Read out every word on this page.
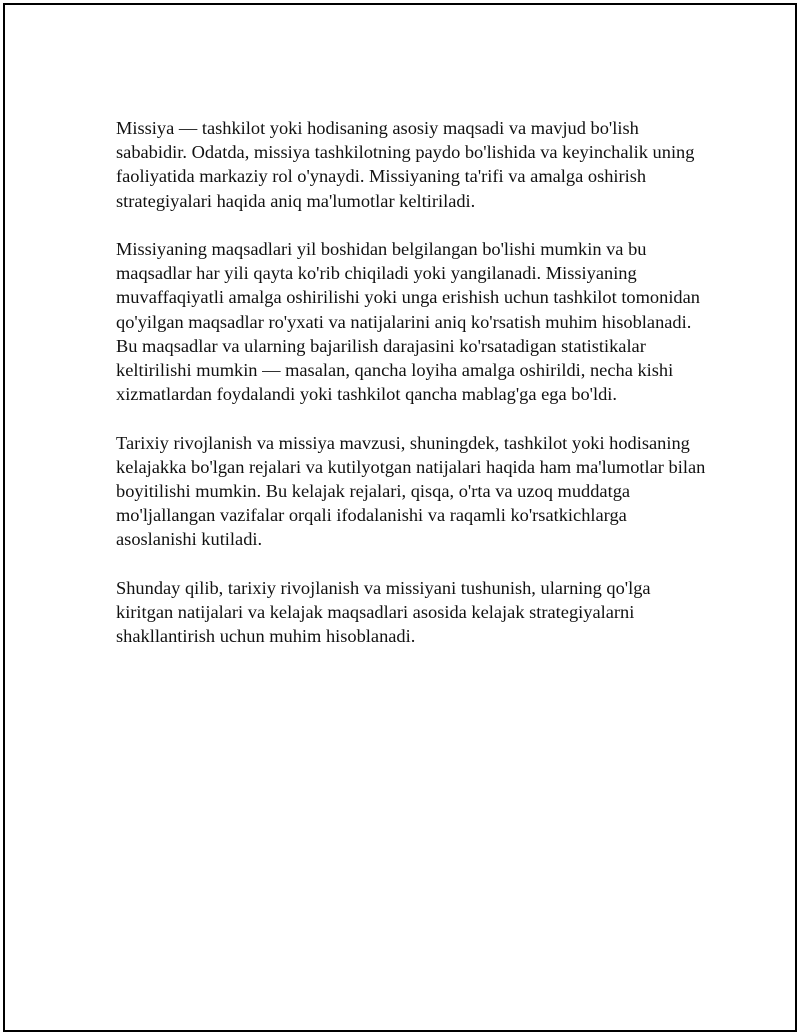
Missiya — tashkilot yoki hodisaning asosiy maqsadi va mavjud bo'lish sababidir. Odatda, missiya tashkilotning paydo bo'lishida va keyinchalik uning faoliyatida markaziy rol o'ynaydi. Missiyaning ta'rifi va amalga oshirish strategiyalari haqida aniq ma'lumotlar keltiriladi.

Missiyaning maqsadlari yil boshidan belgilangan bo'lishi mumkin va bu maqsadlar har yili qayta ko'rib chiqiladi yoki yangilanadi. Missiyaning muvaffaqiyatli amalga oshirilishi yoki unga erishish uchun tashkilot tomonidan qo'yilgan maqsadlar ro'yxati va natijalarini aniq ko'rsatish muhim hisoblanadi. Bu maqsadlar va ularning bajarilish darajasini ko'rsatadigan statistikalar keltirilishi mumkin — masalan, qancha loyiha amalga oshirildi, necha kishi xizmatlardan foydalandi yoki tashkilot qancha mablag'ga ega bo'ldi.

Tarixiy rivojlanish va missiya mavzusi, shuningdek, tashkilot yoki hodisaning kelajakka bo'lgan rejalari va kutilyotgan natijalari haqida ham ma'lumotlar bilan boyitilishi mumkin. Bu kelajak rejalari, qisqa, o'rta va uzoq muddatga mo'ljallangan vazifalar orqali ifodalanishi va raqamli ko'rsatkichlarga asoslanishi kutiladi.

Shunday qilib, tarixiy rivojlanish va missiyani tushunish, ularning qo'lga kiritgan natijalari va kelajak maqsadlari asosida kelajak strategiyalarni shakllantirish uchun muhim hisoblanadi.
